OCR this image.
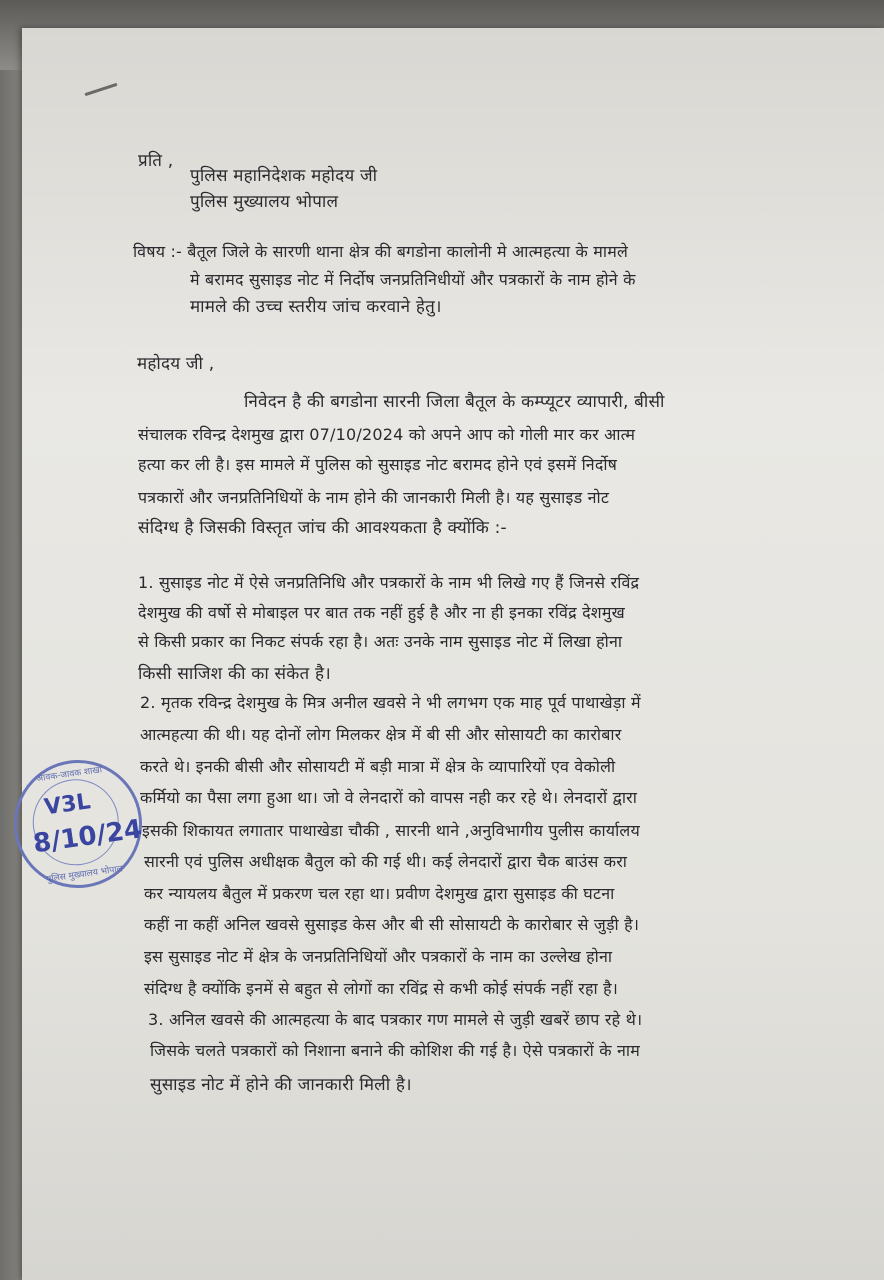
प्रति ,
पुलिस महानिदेशक महोदय जी
पुलिस मुख्यालय भोपाल
विषय :- बैतूल जिले के सारणी थाना क्षेत्र की बगडोना कालोनी मे आत्महत्या के मामले
मे बरामद सुसाइड नोट में निर्दोष जनप्रतिनिधीयों और पत्रकारों के नाम होने के
मामले की उच्च स्तरीय जांच करवाने हेतु।
महोदय जी ,
निवेदन है की बगडोना सारनी जिला बैतूल के कम्प्यूटर व्यापारी, बीसी
संचालक रविन्द्र देशमुख द्वारा 07/10/2024 को अपने आप को गोली मार कर आत्म
हत्या कर ली है। इस मामले में पुलिस को सुसाइड नोट बरामद होने एवं इसमें निर्दोष
पत्रकारों और जनप्रतिनिधियों के नाम होने की जानकारी मिली है। यह सुसाइड नोट
संदिग्ध है जिसकी विस्तृत जांच की आवश्यकता है क्योंकि :-
1. सुसाइड नोट में ऐसे जनप्रतिनिधि और पत्रकारों के नाम भी लिखे गए हैं जिनसे रविंद्र
देशमुख की वर्षो से मोबाइल पर बात तक नहीं हुई है और ना ही इनका रविंद्र देशमुख
से किसी प्रकार का निकट संपर्क रहा है। अतः उनके नाम सुसाइड नोट में लिखा होना
किसी साजिश की का संकेत है।
2. मृतक रविन्द्र देशमुख के मित्र अनील खवसे ने भी लगभग एक माह पूर्व पाथाखेड़ा में
आत्महत्या की थी। यह दोनों लोग मिलकर क्षेत्र में बी सी और सोसायटी का कारोबार
करते थे। इनकी बीसी और सोसायटी में बड़ी मात्रा में क्षेत्र के व्यापारियों एव वेकोली
कर्मियो का पैसा लगा हुआ था। जो वे लेनदारों को वापस नही कर रहे थे। लेनदारों द्वारा
इसकी शिकायत लगातार पाथाखेडा चौकी , सारनी थाने ,अनुविभागीय पुलीस कार्यालय
सारनी एवं पुलिस अधीक्षक बैतुल को की गई थी। कई लेनदारों द्वारा चैक बाउंस करा
कर न्यायलय बैतुल में प्रकरण चल रहा था। प्रवीण देशमुख द्वारा सुसाइड की घटना
कहीं ना कहीं अनिल खवसे सुसाइड केस और बी सी सोसायटी के कारोबार से जुड़ी है।
इस सुसाइड नोट में क्षेत्र के जनप्रतिनिधियों और पत्रकारों के नाम का उल्लेख होना
संदिग्ध है क्योंकि इनमें से बहुत से लोगों का रविंद्र से कभी कोई संपर्क नहीं रहा है।
3. अनिल खवसे की आत्महत्या के बाद पत्रकार गण मामले से जुड़ी खबरें छाप रहे थे।
जिसके चलते पत्रकारों को निशाना बनाने की कोशिश की गई है। ऐसे पत्रकारों के नाम
सुसाइड नोट में होने की जानकारी मिली है।
आवक-जावक शाखा
पुलिस मुख्यालय भोपाल
V3L
8/10/24
